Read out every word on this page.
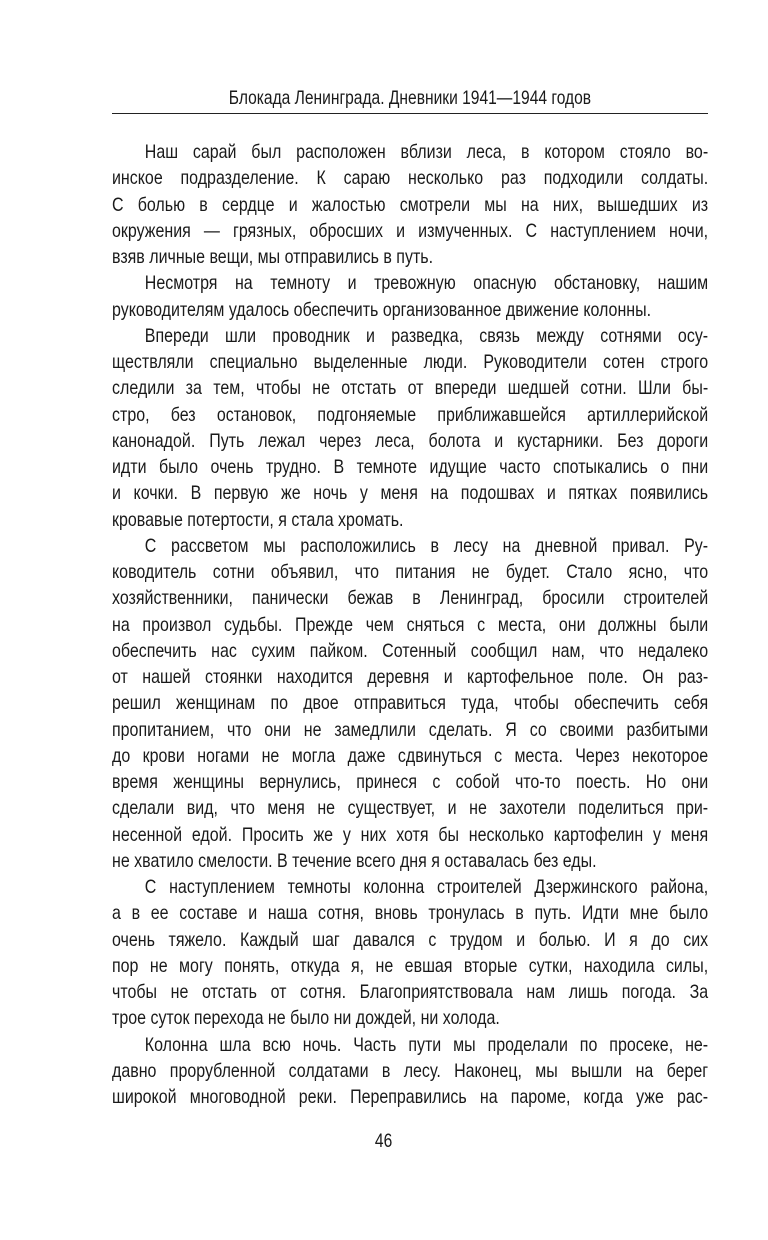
Блокада Ленинграда. Дневники 1941—1944 годов
Наш сарай был расположен вблизи леса, в котором стояло во-
инское подразделение. К сараю несколько раз подходили солдаты.
С болью в сердце и жалостью смотрели мы на них, вышедших из
окружения — грязных, обросших и измученных. С наступлением ночи,
взяв личные вещи, мы отправились в путь.
Несмотря на темноту и тревожную опасную обстановку, нашим
руководителям удалось обеспечить организованное движение колонны.
Впереди шли проводник и разведка, связь между сотнями осу-
ществляли специально выделенные люди. Руководители сотен строго
следили за тем, чтобы не отстать от впереди шедшей сотни. Шли бы-
стро, без остановок, подгоняемые приближавшейся артиллерийской
канонадой. Путь лежал через леса, болота и кустарники. Без дороги
идти было очень трудно. В темноте идущие часто спотыкались о пни
и кочки. В первую же ночь у меня на подошвах и пятках появились
кровавые потертости, я стала хромать.
С рассветом мы расположились в лесу на дневной привал. Ру-
ководитель сотни объявил, что питания не будет. Стало ясно, что
хозяйственники, панически бежав в Ленинград, бросили строителей
на произвол судьбы. Прежде чем сняться с места, они должны были
обеспечить нас сухим пайком. Сотенный сообщил нам, что недалеко
от нашей стоянки находится деревня и картофельное поле. Он раз-
решил женщинам по двое отправиться туда, чтобы обеспечить себя
пропитанием, что они не замедлили сделать. Я со своими разбитыми
до крови ногами не могла даже сдвинуться с места. Через некоторое
время женщины вернулись, принеся с собой что-то поесть. Но они
сделали вид, что меня не существует, и не захотели поделиться при-
несенной едой. Просить же у них хотя бы несколько картофелин у меня
не хватило смелости. В течение всего дня я оставалась без еды.
С наступлением темноты колонна строителей Дзержинского района,
а в ее составе и наша сотня, вновь тронулась в путь. Идти мне было
очень тяжело. Каждый шаг давался с трудом и болью. И я до сих
пор не могу понять, откуда я, не евшая вторые сутки, находила силы,
чтобы не отстать от сотня. Благоприятствовала нам лишь погода. За
трое суток перехода не было ни дождей, ни холода.
Колонна шла всю ночь. Часть пути мы проделали по просеке, не-
давно прорубленной солдатами в лесу. Наконец, мы вышли на берег
широкой многоводной реки. Переправились на пароме, когда уже рас-
46
